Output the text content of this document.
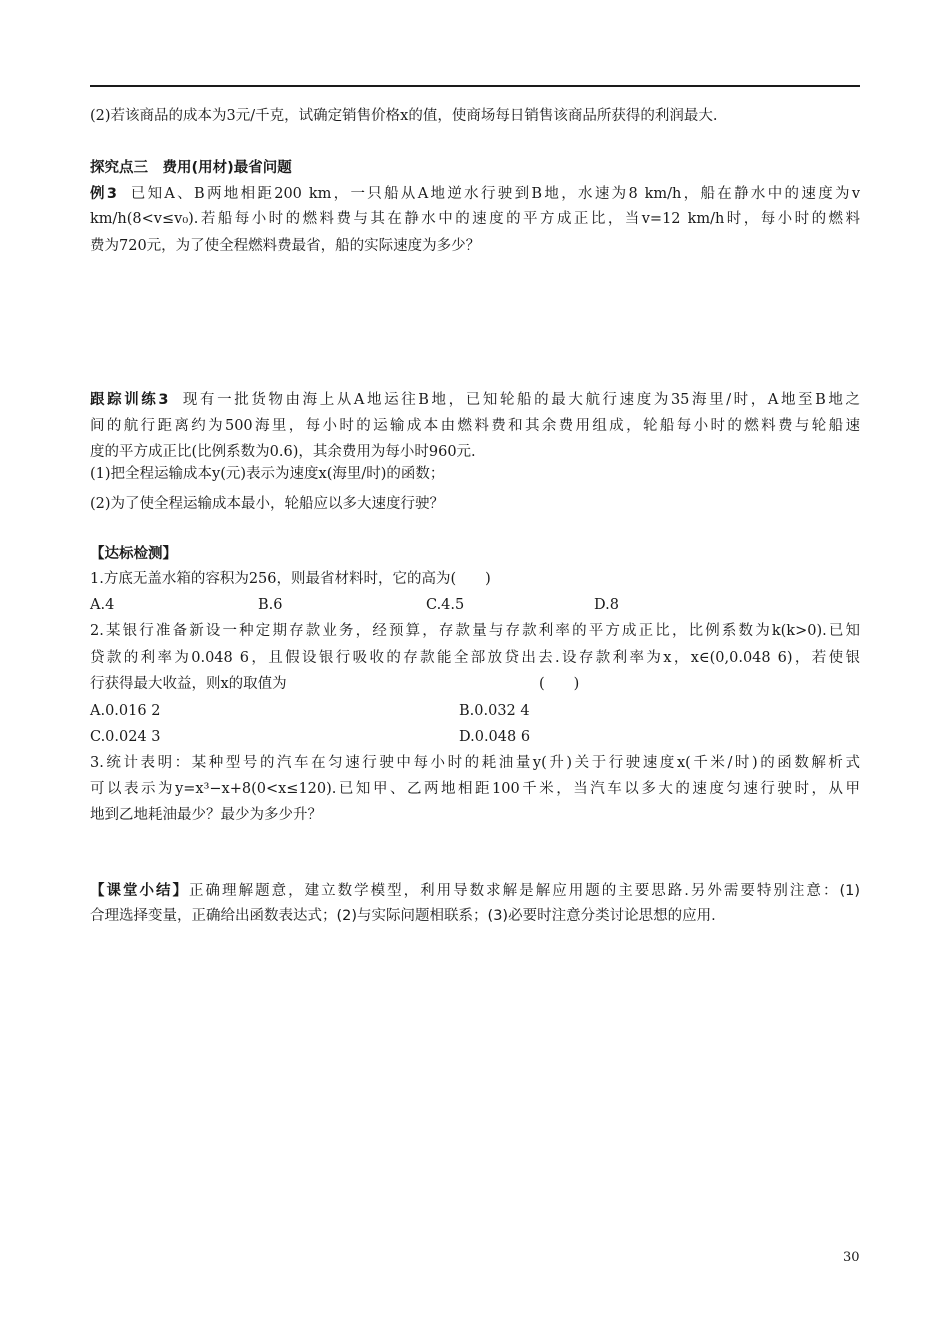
(2)若该商品的成本为3元/千克，试确定销售价格x的值，使商场每日销售该商品所获得的利润最大.
探究点三　费用(用材)最省问题
例3 已知A、B两地相距200 km，一只船从A地逆水行驶到B地，水速为8 km/h，船在静水中的速度为v
km/h(8<v≤v₀).若船每小时的燃料费与其在静水中的速度的平方成正比，当v=12 km/h时，每小时的燃料
费为720元，为了使全程燃料费最省，船的实际速度为多少？
跟踪训练3 现有一批货物由海上从A地运往B地，已知轮船的最大航行速度为35海里/时，A地至B地之
间的航行距离约为500海里，每小时的运输成本由燃料费和其余费用组成，轮船每小时的燃料费与轮船速
度的平方成正比(比例系数为0.6)，其余费用为每小时960元.
(1)把全程运输成本y(元)表示为速度x(海里/时)的函数；
(2)为了使全程运输成本最小，轮船应以多大速度行驶？
【达标检测】
1.方底无盖水箱的容积为256，则最省材料时，它的高为(　　)
A.4	B.6	C.4.5	D.8
2.某银行准备新设一种定期存款业务，经预算，存款量与存款利率的平方成正比，比例系数为k(k>0).已知
贷款的利率为0.048 6，且假设银行吸收的存款能全部放贷出去.设存款利率为x，x∈(0,0.048 6)，若使银
行获得最大收益，则x的取值为	(　　)
A.0.016 2	B.0.032 4
C.0.024 3	D.0.048 6
3.统计表明：某种型号的汽车在匀速行驶中每小时的耗油量y(升)关于行驶速度x(千米/时)的函数解析式
可以表示为y=x³−x+8(0<x≤120).已知甲、乙两地相距100千米，当汽车以多大的速度匀速行驶时，从甲
地到乙地耗油最少？最少为多少升？
【课堂小结】正确理解题意，建立数学模型，利用导数求解是解应用题的主要思路.另外需要特别注意：(1)
合理选择变量，正确给出函数表达式；(2)与实际问题相联系；(3)必要时注意分类讨论思想的应用.
30
